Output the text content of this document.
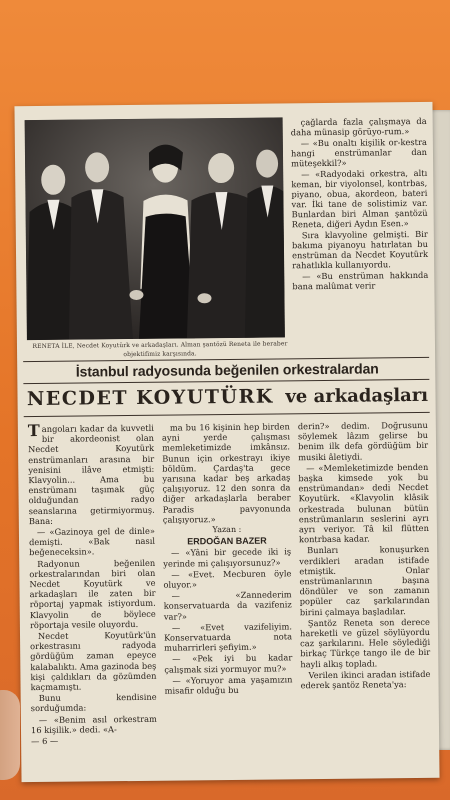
RENETA İLE, Necdet Koyutürk ve arkadaşları. Alman şantözü Reneta ile beraber objektifimiz karşısında.

çağlarda fazla çalışmaya da daha münasip görüyo-rum.»

— «Bu onaltı kişilik or-kestra hangi enstrümanlar dan müteşekkil?»

— «Radyodaki orkestra, altı keman, bir viyolonsel, kontrbas, piyano, obua, akordeon, bateri var. İki tane de solistimiz var. Bunlardan biri Alman şantözü Reneta, diğeri Aydın Esen.»

Sıra klavyoline gelmişti. Bir bakıma piyanoyu hatırlatan bu enstrüman da Necdet Koyutürk rahatlıkla kullanıyordu.

— «Bu enstrüman hakkında bana malûmat verir

İstanbul radyosunda beğenilen orkestralardan
NECDET KOYUTÜRK ve arkadaşları

Tangoları kadar da kuvvetli bir akordeonist olan Necdet Koyutürk enstrümanları arasına bir yenisini ilâve etmişti: Klavyolin... Ama bu enstrümanı taşımak güç olduğundan radyo seanslarına getirmiyormuş. Bana:

— «Gazinoya gel de dinle» demişti. «Bak nasıl beğeneceksin».

Radyonun beğenilen orkestralarından biri olan Necdet Koyutürk ve arkadaşları ile zaten bir röportaj yapmak istiyordum. Klavyolin de böylece röportaja vesile oluyordu.

Necdet Koyutürk'ün orkestrasını radyoda gördüğüm zaman epeyce kalabalıktı. Ama gazinoda beş kişi çaldıkları da gözümden kaçmamıştı.

Bunu kendisine sorduğumda:

— «Benim asıl orkestram 16 kişilik.» dedi. «A-

— 6 —

ma bu 16 kişinin hep birden ayni yerde çalışması memleketimizde imkânsız. Bunun için orkestrayı ikiye böldüm. Çardaş'ta gece yarısına kadar beş arkadaş çalışıyoruz. 12 den sonra da diğer arkadaşlarla beraber Paradis pavyonunda çalışıyoruz.»

Yazan :

ERDOĞAN BAZER

— «Yâni bir gecede iki iş yerinde mi çalışıyorsunuz?»

— «Evet. Mecburen öyle oluyor.»

— «Zannederim konservatuarda da vazifeniz var?»

— «Evet vazifeliyim. Konservatuarda nota muharrirleri şefiyim.»

— «Pek iyi bu kadar çalışmak sizi yormuyor mu?»

— «Yoruyor ama yaşamızın misafir olduğu bu

derin?» dedim. Doğrusunu söylemek lâzım gelirse bu benim ilk defa gördüğüm bir musiki âletiydi.

— «Memleketimizde benden başka kimsede yok bu enstrümandan» dedi Necdet Koyutürk. «Klavyolin klâsik orkestrada bulunan bütün enstrümanların seslerini ayrı ayrı veriyor. Tâ kil flütten kontrbasa kadar.

Bunları konuşurken verdikleri aradan istifade etmiştik. Onlar enstrümanlarının başına döndüler ve son zamanın popüler caz şarkılarından birini çalmaya başladılar.

Şantöz Reneta son derece hareketli ve güzel söylüyordu caz şarkılarını. Hele söylediği birkaç Türkçe tango ile de bir hayli alkış topladı.

Verilen ikinci aradan istifade ederek şantöz Reneta'ya:
